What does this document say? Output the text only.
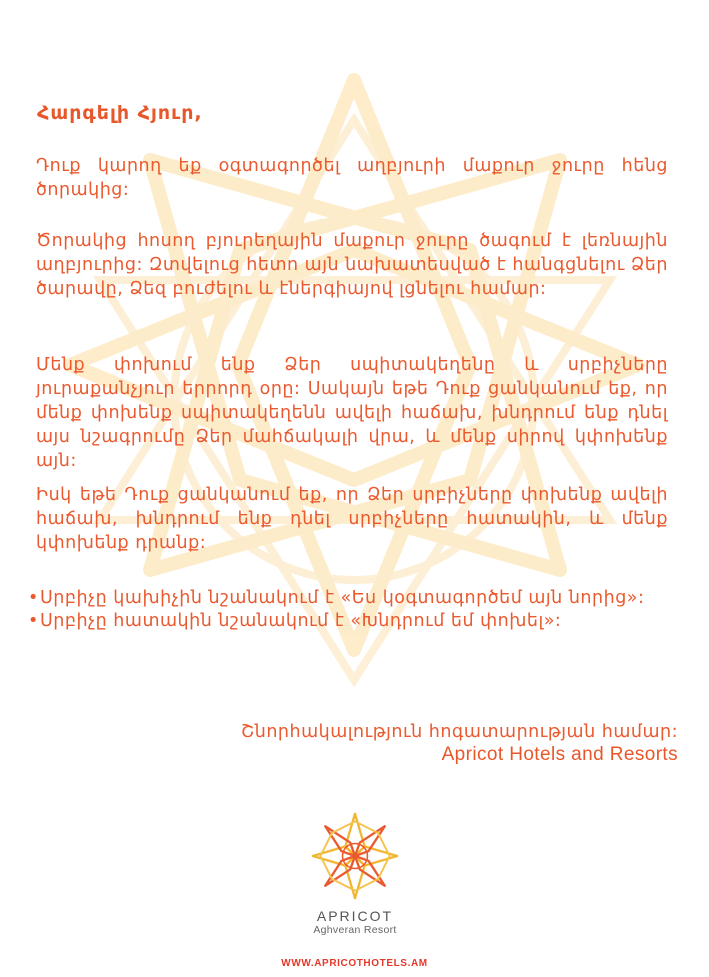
Հարգելի Հյուր,

Դուք կարող եք օգտագործել աղբյուրի մաքուր ջուրը հենց ծորակից:

Ծորակից հոսող բյուրեղային մաքուր ջուրը ծագում է լեռնային աղբյուրից: Զտվելուց հետո այն նախատեսված է հանգցնելու Ձեր ծարավը, Ձեզ բուժելու և էներգիայով լցնելու համար:

Մենք փոխում ենք Ձեր սպիտակեղենը և սրբիչները յուրաքանչյուր երրորդ օրը: Սակայն եթե Դուք ցանկանում եք, որ մենք փոխենք սպիտակեղենն ավելի հաճախ, խնդրում ենք դնել այս նշագրումը Ձեր մահճակալի վրա, և մենք սիրով կփոխենք այն:

Իսկ եթե Դուք ցանկանում եք, որ Ձեր սրբիչները փոխենք ավելի հաճախ, խնդրում ենք դնել սրբիչները հատակին, և մենք կփոխենք դրանք:

•Սրբիչը կախիչին նշանակում է «Ես կօգտագործեմ այն նորից»:
•Սրբիչը հատակին նշանակում է «Խնդրում եմ փոխել»:

Շնորհակալություն հոգատարության համար:

Apricot Hotels and Resorts

APRICOT
Aghveran Resort
WWW.APRICOTHOTELS.AM
